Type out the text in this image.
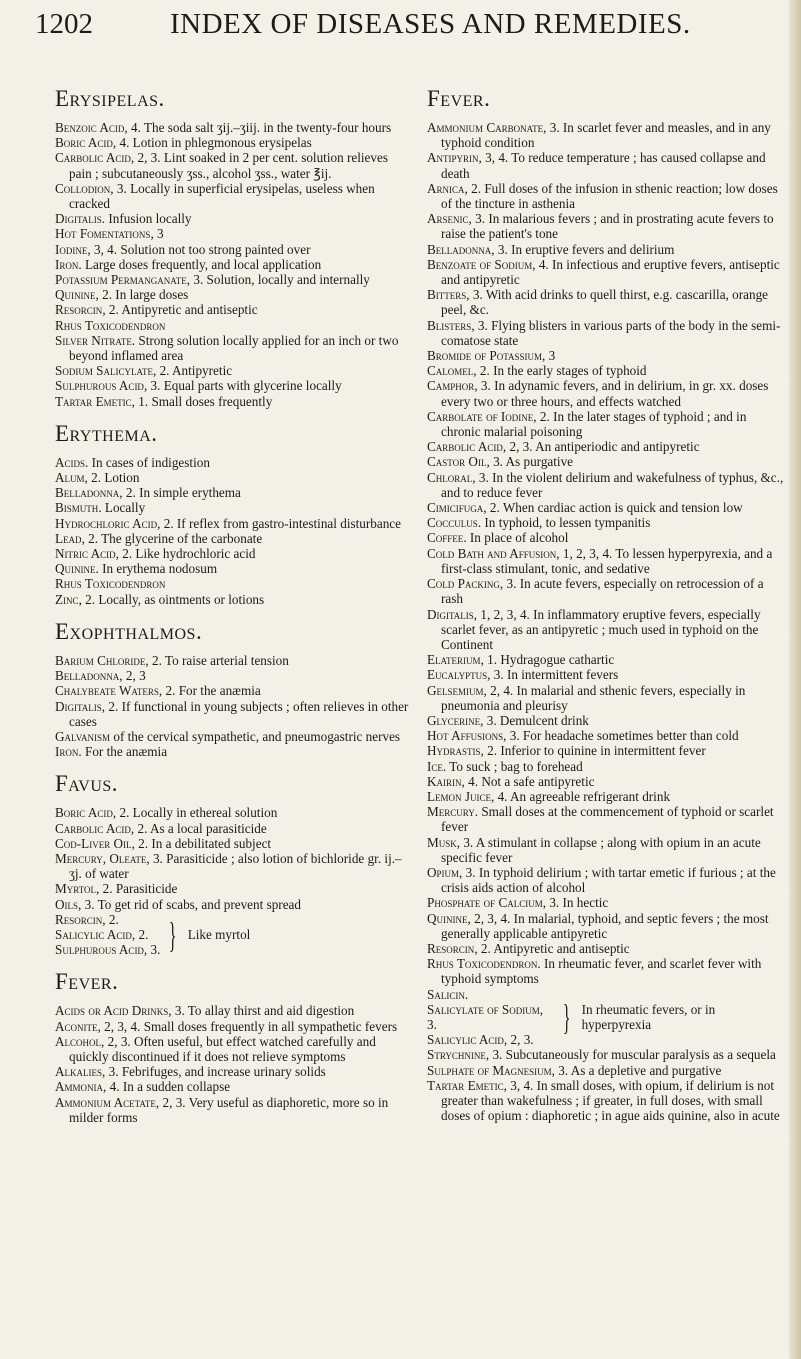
1202	INDEX OF DISEASES AND REMEDIES.
Erysipelas.

Benzoic Acid, 4. The soda salt ʒij.–ʒiij. in the twenty-four hours

Boric Acid, 4. Lotion in phlegmonous erysipelas

Carbolic Acid, 2, 3. Lint soaked in 2 per cent. solution relieves pain ; subcutaneously ʒss., alcohol ʒss., water ℥ij.

Collodion, 3. Locally in superficial erysipelas, useless when cracked

Digitalis. Infusion locally

Hot Fomentations, 3

Iodine, 3, 4. Solution not too strong painted over

Iron. Large doses frequently, and local application

Potassium Permanganate, 3. Solution, locally and internally

Quinine, 2. In large doses

Resorcin, 2. Antipyretic and antiseptic

Rhus Toxicodendron

Silver Nitrate. Strong solution locally applied for an inch or two beyond inflamed area

Sodium Salicylate, 2. Antipyretic

Sulphurous Acid, 3. Equal parts with glycerine locally

Tartar Emetic, 1. Small doses frequently

Erythema.

Acids. In cases of indigestion

Alum, 2. Lotion

Belladonna, 2. In simple erythema

Bismuth. Locally

Hydrochloric Acid, 2. If reflex from gastro-intestinal disturbance

Lead, 2. The glycerine of the carbonate

Nitric Acid, 2. Like hydrochloric acid

Quinine. In erythema nodosum

Rhus Toxicodendron

Zinc, 2. Locally, as ointments or lotions

Exophthalmos.

Barium Chloride, 2. To raise arterial tension

Belladonna, 2, 3

Chalybeate Waters, 2. For the anæmia

Digitalis, 2. If functional in young subjects ; often relieves in other cases

Galvanism of the cervical sympathetic, and pneumogastric nerves

Iron. For the anæmia

Favus.

Boric Acid, 2. Locally in ethereal solution

Carbolic Acid, 2. As a local parasiticide

Cod-Liver Oil, 2. In a debilitated subject

Mercury, Oleate, 3. Parasiticide ; also lotion of bichloride gr. ij.–ʒj. of water

Myrtol, 2. Parasiticide

Oils, 3. To get rid of scabs, and prevent spread

Resorcin, 2.
Salicylic Acid, 2.
Sulphurous Acid, 3. } Like myrtol
Fever.

Acids or Acid Drinks, 3. To allay thirst and aid digestion

Aconite, 2, 3, 4. Small doses frequently in all sympathetic fevers

Alcohol, 2, 3. Often useful, but effect watched carefully and quickly discontinued if it does not relieve symptoms

Alkalies, 3. Febrifuges, and increase urinary solids

Ammonia, 4. In a sudden collapse

Ammonium Acetate, 2, 3. Very useful as diaphoretic, more so in milder forms

Fever.

Ammonium Carbonate, 3. In scarlet fever and measles, and in any typhoid condition

Antipyrin, 3, 4. To reduce temperature ; has caused collapse and death

Arnica, 2. Full doses of the infusion in sthenic reaction; low doses of the tincture in asthenia

Arsenic, 3. In malarious fevers ; and in prostrating acute fevers to raise the patient's tone

Belladonna, 3. In eruptive fevers and delirium

Benzoate of Sodium, 4. In infectious and eruptive fevers, antiseptic and antipyretic

Bitters, 3. With acid drinks to quell thirst, e.g. cascarilla, orange peel, &c.

Blisters, 3. Flying blisters in various parts of the body in the semi-comatose state

Bromide of Potassium, 3

Calomel, 2. In the early stages of typhoid

Camphor, 3. In adynamic fevers, and in delirium, in gr. xx. doses every two or three hours, and effects watched

Carbolate of Iodine, 2. In the later stages of typhoid ; and in chronic malarial poisoning

Carbolic Acid, 2, 3. An antiperiodic and antipyretic

Castor Oil, 3. As purgative

Chloral, 3. In the violent delirium and wakefulness of typhus, &c., and to reduce fever

Cimicifuga, 2. When cardiac action is quick and tension low

Cocculus. In typhoid, to lessen tympanitis

Coffee. In place of alcohol

Cold Bath and Affusion, 1, 2, 3, 4. To lessen hyperpyrexia, and a first-class stimulant, tonic, and sedative

Cold Packing, 3. In acute fevers, especially on retrocession of a rash

Digitalis, 1, 2, 3, 4. In inflammatory eruptive fevers, especially scarlet fever, as an antipyretic ; much used in typhoid on the Continent

Elaterium, 1. Hydragogue cathartic

Eucalyptus, 3. In intermittent fevers

Gelsemium, 2, 4. In malarial and sthenic fevers, especially in pneumonia and pleurisy

Glycerine, 3. Demulcent drink

Hot Affusions, 3. For headache sometimes better than cold

Hydrastis, 2. Inferior to quinine in intermittent fever

Ice. To suck ; bag to forehead

Kairin, 4. Not a safe antipyretic

Lemon Juice, 4. An agreeable refrigerant drink

Mercury. Small doses at the commencement of typhoid or scarlet fever

Musk, 3. A stimulant in collapse ; along with opium in an acute specific fever

Opium, 3. In typhoid delirium ; with tartar emetic if furious ; at the crisis aids action of alcohol

Phosphate of Calcium, 3. In hectic

Quinine, 2, 3, 4. In malarial, typhoid, and septic fevers ; the most generally applicable antipyretic

Resorcin, 2. Antipyretic and antiseptic

Rhus Toxicodendron. In rheumatic fever, and scarlet fever with typhoid symptoms

Salicin.
Salicylate of Sodium, 3.
Salicylic Acid, 2, 3.
} In rheumatic fevers, or in hyperpyrexia

Strychnine, 3. Subcutaneously for muscular paralysis as a sequela

Sulphate of Magnesium, 3. As a depletive and purgative

Tartar Emetic, 3, 4. In small doses, with opium, if delirium is not greater than wakefulness ; if greater, in full doses, with small doses of opium : diaphoretic ; in ague aids quinine, also in acute
